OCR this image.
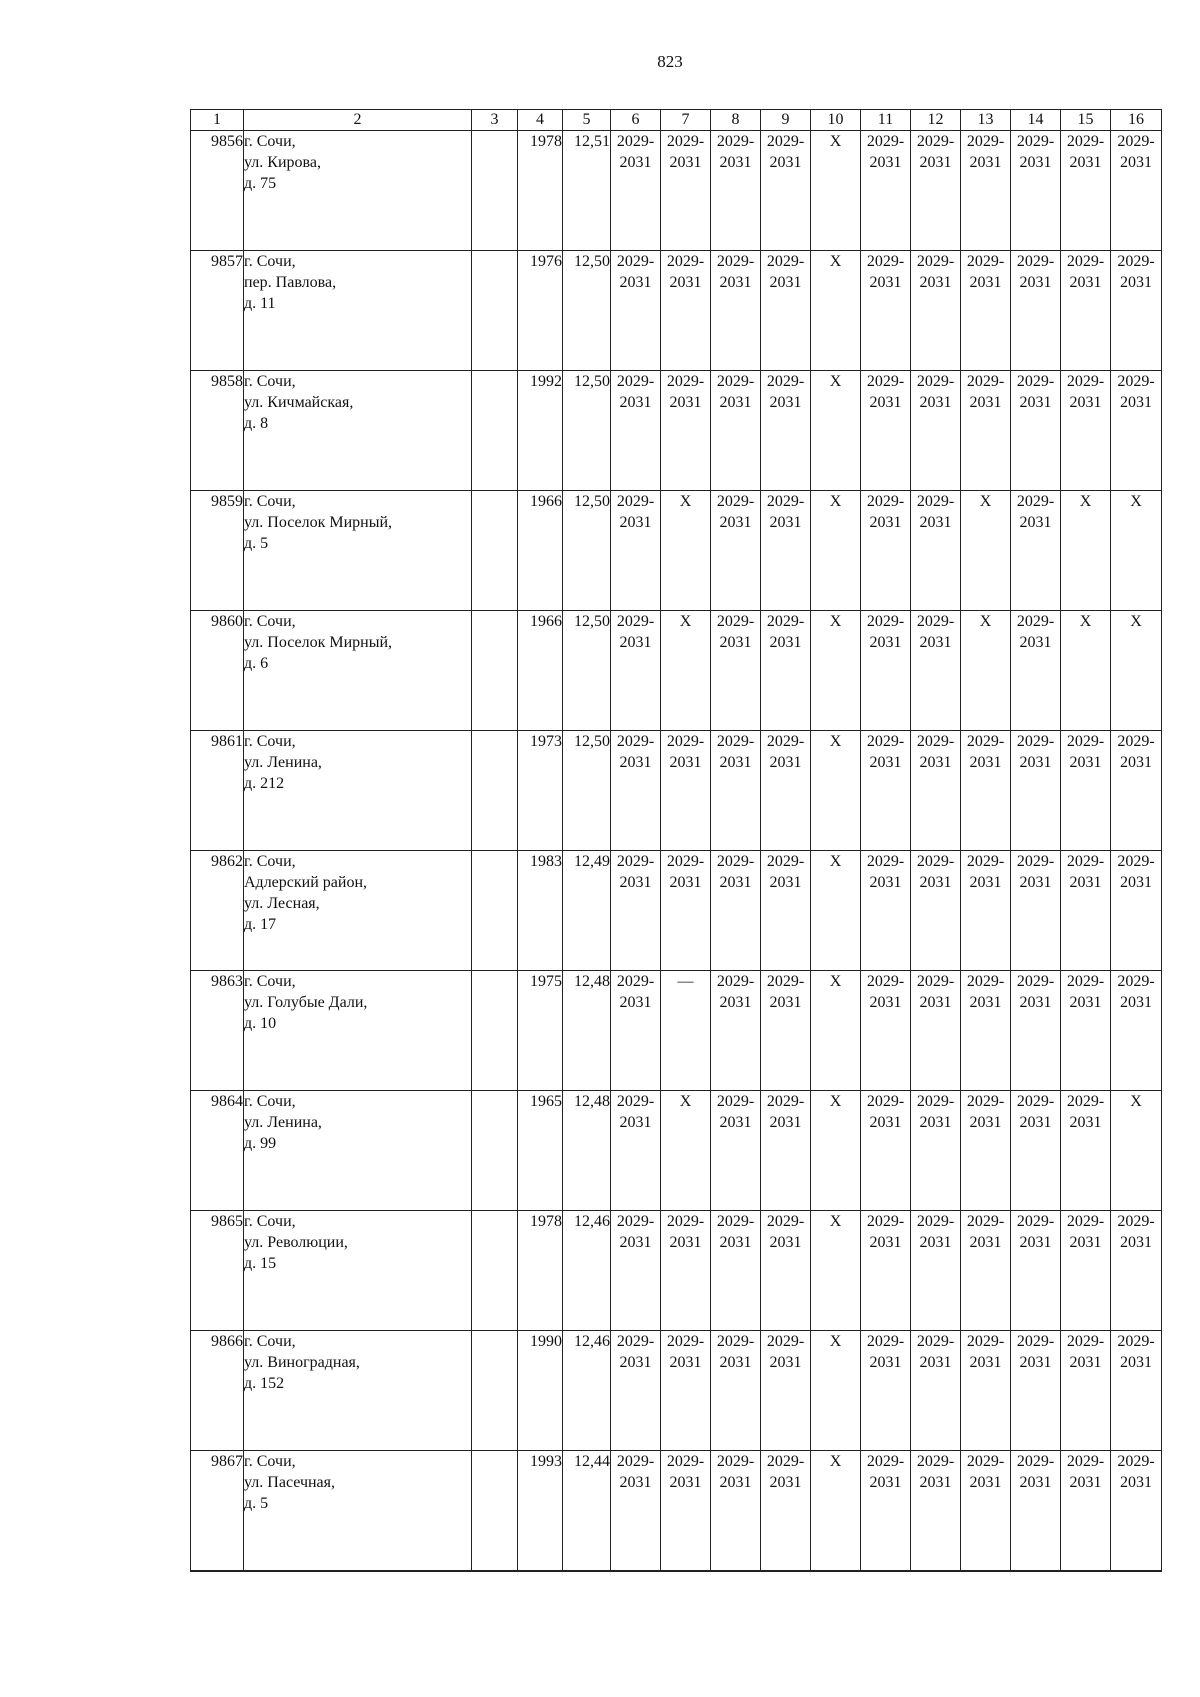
823
1	2	3	4	5	6	7	8	9	10	11	12	13	14	15	16
9856	г. Сочи,
ул. Кирова,
д. 75		1978	12,51	2029-
2031	2029-
2031	2029-
2031	2029-
2031	Х	2029-
2031	2029-
2031	2029-
2031	2029-
2031	2029-
2031	2029-
2031

9857	г. Сочи,
пер. Павлова,
д. 11		1976	12,50	2029-
2031	2029-
2031	2029-
2031	2029-
2031	Х	2029-
2031	2029-
2031	2029-
2031	2029-
2031	2029-
2031	2029-
2031

9858	г. Сочи,
ул. Кичмайская,
д. 8		1992	12,50	2029-
2031	2029-
2031	2029-
2031	2029-
2031	Х	2029-
2031	2029-
2031	2029-
2031	2029-
2031	2029-
2031	2029-
2031

9859	г. Сочи,
ул. Поселок Мирный,
д. 5		1966	12,50	2029-
2031	Х	2029-
2031	2029-
2031	Х	2029-
2031	2029-
2031	Х	2029-
2031	Х	Х
9860	г. Сочи,
ул. Поселок Мирный,
д. 6		1966	12,50	2029-
2031	Х	2029-
2031	2029-
2031	Х	2029-
2031	2029-
2031	Х	2029-
2031	Х	Х
9861	г. Сочи,
ул. Ленина,
д. 212		1973	12,50	2029-
2031	2029-
2031	2029-
2031	2029-
2031	Х	2029-
2031	2029-
2031	2029-
2031	2029-
2031	2029-
2031	2029-
2031

9862	г. Сочи,
Адлерский район,
ул. Лесная,
д. 17		1983	12,49	2029-
2031	2029-
2031	2029-
2031	2029-
2031	Х	2029-
2031	2029-
2031	2029-
2031	2029-
2031	2029-
2031	2029-
2031

9863	г. Сочи,
ул. Голубые Дали,
д. 10		1975	12,48	2029-
2031	—	2029-
2031	2029-
2031	Х	2029-
2031	2029-
2031	2029-
2031	2029-
2031	2029-
2031	2029-
2031

9864	г. Сочи,
ул. Ленина,
д. 99		1965	12,48	2029-
2031	Х	2029-
2031	2029-
2031	Х	2029-
2031	2029-
2031	2029-
2031	2029-
2031	2029-
2031	Х
9865	г. Сочи,
ул. Революции,
д. 15		1978	12,46	2029-
2031	2029-
2031	2029-
2031	2029-
2031	Х	2029-
2031	2029-
2031	2029-
2031	2029-
2031	2029-
2031	2029-
2031

9866	г. Сочи,
ул. Виноградная,
д. 152		1990	12,46	2029-
2031	2029-
2031	2029-
2031	2029-
2031	Х	2029-
2031	2029-
2031	2029-
2031	2029-
2031	2029-
2031	2029-
2031

9867	г. Сочи,
ул. Пасечная,
д. 5		1993	12,44	2029-
2031	2029-
2031	2029-
2031	2029-
2031	Х	2029-
2031	2029-
2031	2029-
2031	2029-
2031	2029-
2031	2029-
2031
